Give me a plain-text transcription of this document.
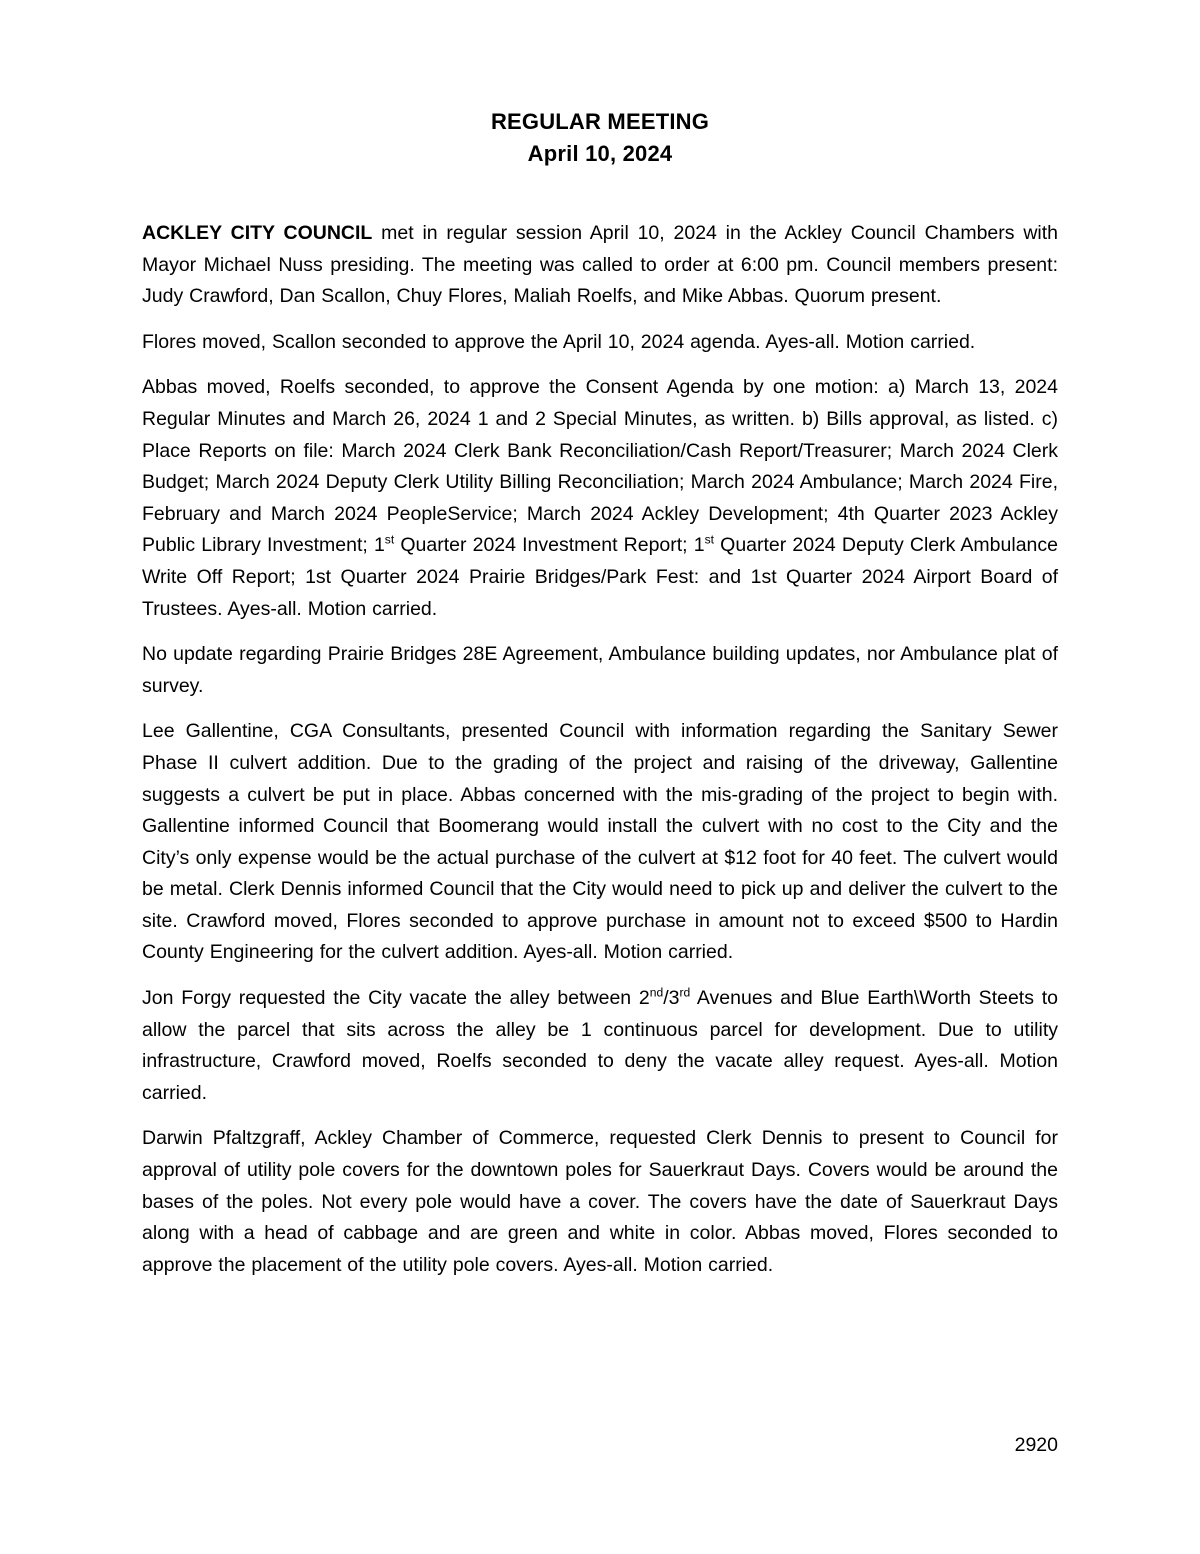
REGULAR MEETING
April 10, 2024

ACKLEY CITY COUNCIL met in regular session April 10, 2024 in the Ackley Council Chambers with Mayor Michael Nuss presiding. The meeting was called to order at 6:00 pm. Council members present: Judy Crawford, Dan Scallon, Chuy Flores, Maliah Roelfs, and Mike Abbas. Quorum present.

Flores moved, Scallon seconded to approve the April 10, 2024 agenda. Ayes-all. Motion carried.

Abbas moved, Roelfs seconded, to approve the Consent Agenda by one motion: a) March 13, 2024 Regular Minutes and March 26, 2024 1 and 2 Special Minutes, as written. b) Bills approval, as listed. c) Place Reports on file: March 2024 Clerk Bank Reconciliation/Cash Report/Treasurer; March 2024 Clerk Budget; March 2024 Deputy Clerk Utility Billing Reconciliation; March 2024 Ambulance; March 2024 Fire, February and March 2024 PeopleService; March 2024 Ackley Development; 4th Quarter 2023 Ackley Public Library Investment; 1st Quarter 2024 Investment Report; 1st Quarter 2024 Deputy Clerk Ambulance Write Off Report; 1st Quarter 2024 Prairie Bridges/Park Fest: and 1st Quarter 2024 Airport Board of Trustees. Ayes-all. Motion carried.

No update regarding Prairie Bridges 28E Agreement, Ambulance building updates, nor Ambulance plat of survey.

Lee Gallentine, CGA Consultants, presented Council with information regarding the Sanitary Sewer Phase II culvert addition. Due to the grading of the project and raising of the driveway, Gallentine suggests a culvert be put in place. Abbas concerned with the mis-grading of the project to begin with. Gallentine informed Council that Boomerang would install the culvert with no cost to the City and the City’s only expense would be the actual purchase of the culvert at $12 foot for 40 feet. The culvert would be metal. Clerk Dennis informed Council that the City would need to pick up and deliver the culvert to the site. Crawford moved, Flores seconded to approve purchase in amount not to exceed $500 to Hardin County Engineering for the culvert addition. Ayes-all. Motion carried.

Jon Forgy requested the City vacate the alley between 2nd/3rd Avenues and Blue Earth\Worth Steets to allow the parcel that sits across the alley be 1 continuous parcel for development. Due to utility infrastructure, Crawford moved, Roelfs seconded to deny the vacate alley request. Ayes-all. Motion carried.

Darwin Pfaltzgraff, Ackley Chamber of Commerce, requested Clerk Dennis to present to Council for approval of utility pole covers for the downtown poles for Sauerkraut Days. Covers would be around the bases of the poles. Not every pole would have a cover. The covers have the date of Sauerkraut Days along with a head of cabbage and are green and white in color. Abbas moved, Flores seconded to approve the placement of the utility pole covers. Ayes-all. Motion carried.

2920
